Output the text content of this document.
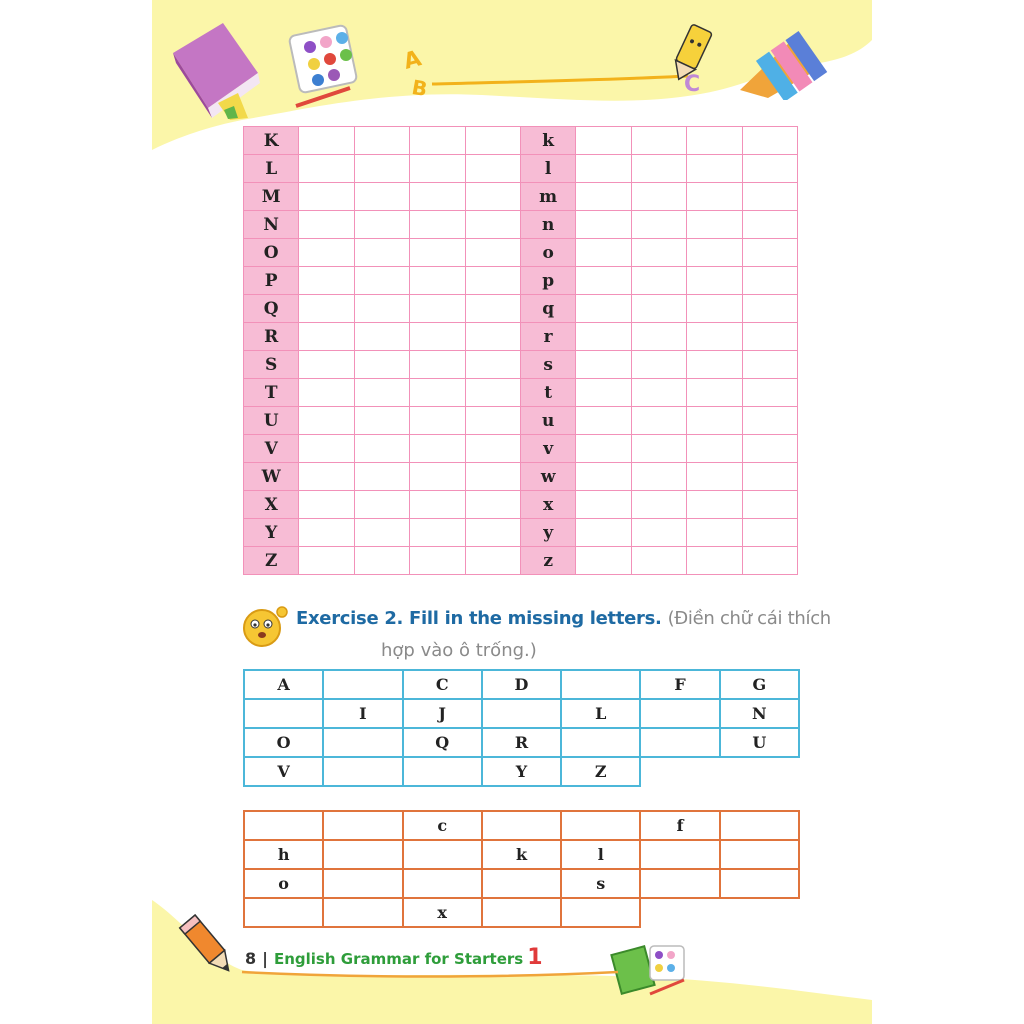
A
B	C
K					k				
L					l				
M					m				
N					n				
O					o				
P					p				
Q					q				
R					r				
S					s				
T					t				
U					u				
V					v				
W					w				
X					x				
Y					y				
Z					z				
Exercise 2. Fill in the missing letters. (Điền chữ cái thích
hợp vào ô trống.)
A		C	D		F	G
	I	J		L		N
O		Q	R			U
V			Y	Z		
		c			f	
h			k	l		
o				s		
		x				
8 | English Grammar for Starters 1
